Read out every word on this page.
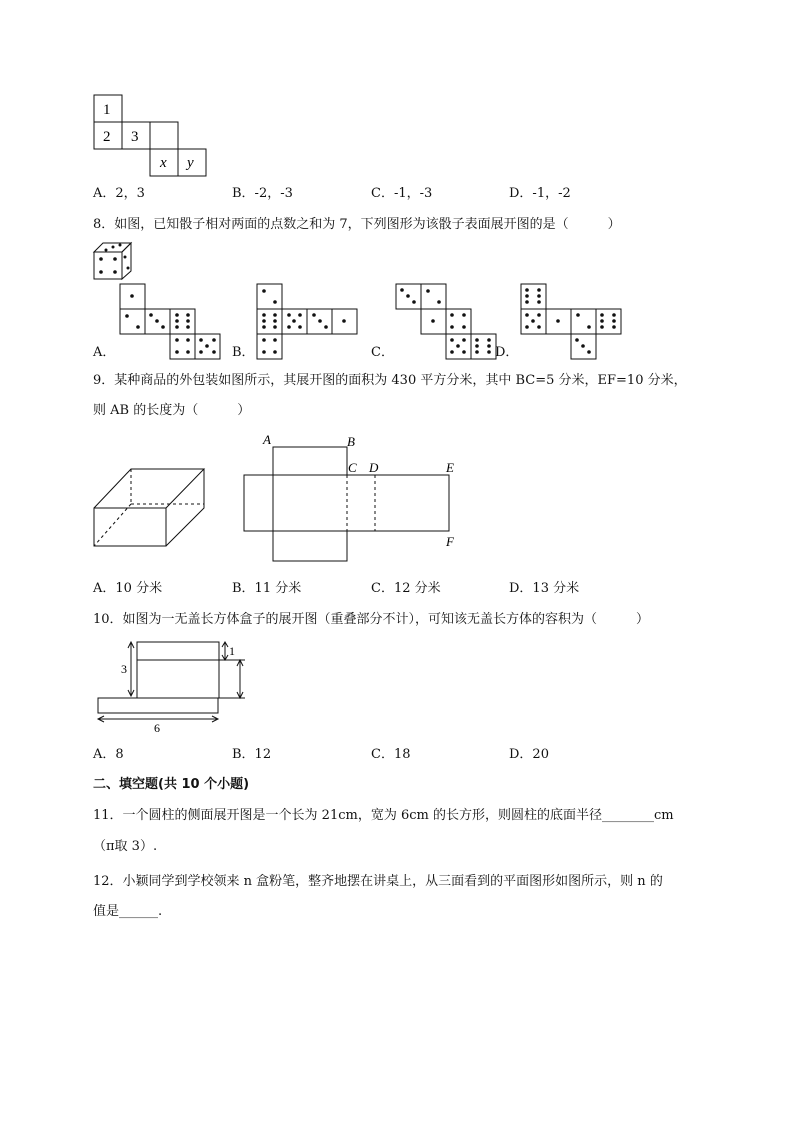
1
2 3
x y
A．2，3	B．-2，-3	C．-1，-3	D．-1，-2
8．如图，已知骰子相对两面的点数之和为 7，下列图形为该骰子表面展开图的是（　　　）
A．	B．	C．	D．
9．某种商品的外包装如图所示，其展开图的面积为 430 平方分米，其中 BC=5 分米，EF=10 分米，
则 AB 的长度为（　　　）
A	B
C D	E
F
A．10 分米	B．11 分米	C．12 分米	D．13 分米
10．如图为一无盖长方体盒子的展开图（重叠部分不计），可知该无盖长方体的容积为（　　　）
3
1
6
A．8	B．12	C．18	D．20
二、填空题(共 10 个小题)
11．一个圆柱的侧面展开图是一个长为 21cm，宽为 6cm 的长方形，则圆柱的底面半径________cm
（π取 3）.
12．小颖同学到学校领来 n 盒粉笔，整齐地摆在讲桌上，从三面看到的平面图形如图所示，则 n 的
值是______.
